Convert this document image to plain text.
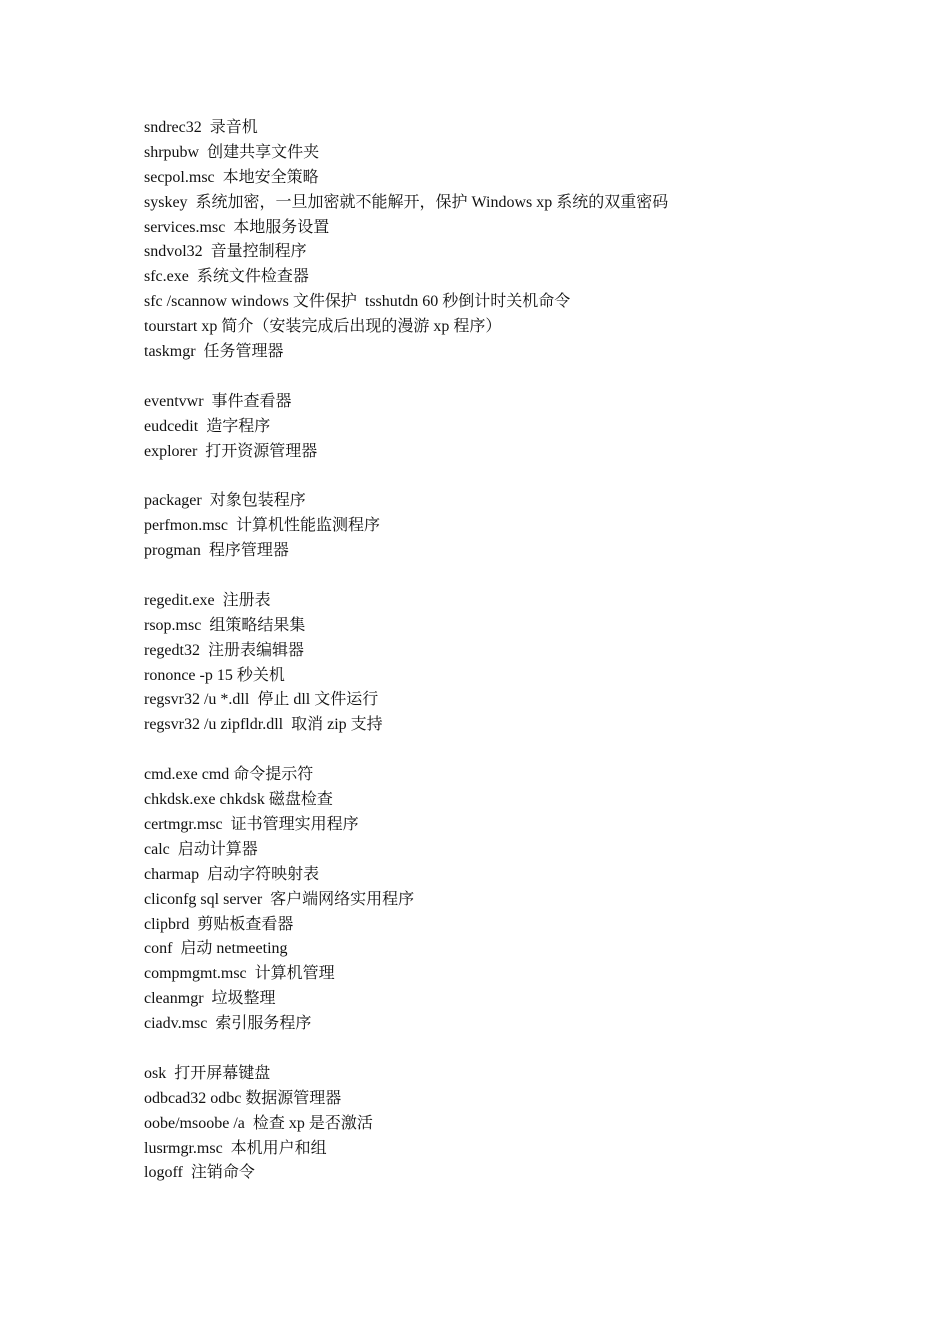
sndrec32  录音机
shrpubw  创建共享文件夹
secpol.msc  本地安全策略
syskey  系统加密，一旦加密就不能解开，保护 Windows xp 系统的双重密码
services.msc  本地服务设置
sndvol32  音量控制程序
sfc.exe  系统文件检查器
sfc /scannow windows 文件保护  tsshutdn 60 秒倒计时关机命令
tourstart xp 简介（安装完成后出现的漫游 xp 程序）
taskmgr  任务管理器
eventvwr  事件查看器
eudcedit  造字程序
explorer  打开资源管理器
packager  对象包装程序
perfmon.msc  计算机性能监测程序
progman  程序管理器
regedit.exe  注册表
rsop.msc  组策略结果集
regedt32  注册表编辑器
rononce -p 15 秒关机
regsvr32 /u *.dll  停止 dll 文件运行
regsvr32 /u zipfldr.dll  取消 zip 支持
cmd.exe cmd 命令提示符
chkdsk.exe chkdsk 磁盘检查
certmgr.msc  证书管理实用程序
calc  启动计算器
charmap  启动字符映射表
cliconfg sql server  客户端网络实用程序
clipbrd  剪贴板查看器
conf  启动 netmeeting
compmgmt.msc  计算机管理
cleanmgr  垃圾整理
ciadv.msc  索引服务程序
osk  打开屏幕键盘
odbcad32 odbc 数据源管理器
oobe/msoobe /a  检查 xp 是否激活
lusrmgr.msc  本机用户和组
logoff  注销命令
